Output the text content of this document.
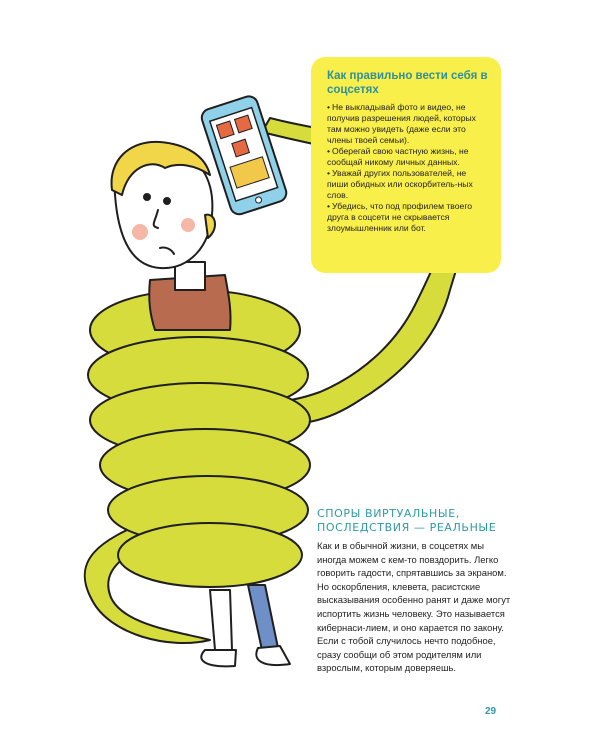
Как правильно вести себя в соцсетях

• Не выкладывай фото и видео, не получив разрешения людей, которых там можно увидеть (даже если это члены твоей семьи).
• Оберегай свою частную жизнь, не сообщай никому личных данных.
• Уважай других пользователей, не пиши обидных или оскорбитель-ных слов.
• Убедись, что под профилем твоего друга в соцсети не скрывается злоумышленник или бот.

СПОРЫ ВИРТУАЛЬНЫЕ, ПОСЛЕДСТВИЯ — РЕАЛЬНЫЕ

Как и в обычной жизни, в соцсетях мы иногда можем с кем-то повздорить. Легко говорить гадости, спрятавшись за экраном. Но оскорбления, клевета, расистские высказывания особенно ранят и даже могут испортить жизнь человеку. Это называется кибернаси-лием, и оно карается по закону. Если с тобой случилось нечто подобное, сразу сообщи об этом родителям или взрослым, которым доверяешь.

29
